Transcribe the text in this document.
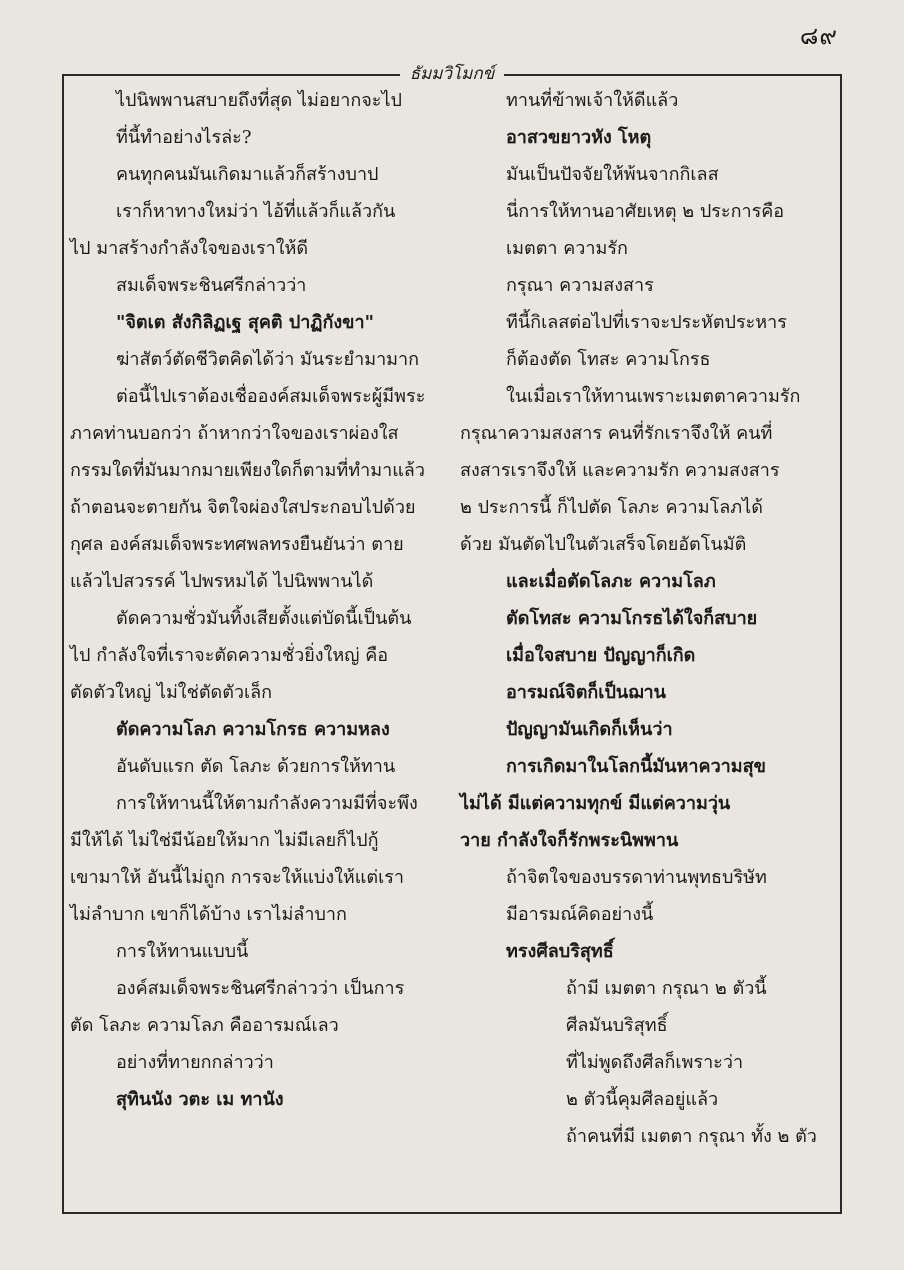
๘๙
ธัมมวิโมกข์

ไปนิพพานสบายถึงที่สุด ไม่อยากจะไป

ที่นี้ทำอย่างไรล่ะ?

คนทุกคนมันเกิดมาแล้วก็สร้างบาป

เราก็หาทางใหม่ว่า ไอ้ที่แล้วก็แล้วกัน

ไป มาสร้างกำลังใจของเราให้ดี

สมเด็จพระชินศรีกล่าวว่า

"จิตเต สังกิลิฏเฐ สุคติ ปาฏิกังขา"

ฆ่าสัตว์ตัดชีวิตคิดได้ว่า มันระยำมามาก

ต่อนี้ไปเราต้องเชื่อองค์สมเด็จพระผู้มีพระ

ภาคท่านบอกว่า ถ้าหากว่าใจของเราผ่องใส

กรรมใดที่มันมากมายเพียงใดก็ตามที่ทำมาแล้ว

ถ้าตอนจะตายกัน จิตใจผ่องใสประกอบไปด้วย

กุศล องค์สมเด็จพระทศพลทรงยืนยันว่า ตาย

แล้วไปสวรรค์ ไปพรหมได้ ไปนิพพานได้

ตัดความชั่วมันทิ้งเสียตั้งแต่บัดนี้เป็นต้น

ไป กำลังใจที่เราจะตัดความชั่วยิ่งใหญ่ คือ

ตัดตัวใหญ่ ไม่ใช่ตัดตัวเล็ก

ตัดความโลภ ความโกรธ ความหลง

อันดับแรก ตัด โลภะ ด้วยการให้ทาน

การให้ทานนี้ให้ตามกำลังความมีที่จะพึง

มีให้ได้ ไม่ใช่มีน้อยให้มาก ไม่มีเลยก็ไปกู้

เขามาให้ อันนี้ไม่ถูก การจะให้แบ่งให้แต่เรา

ไม่ลำบาก เขาก็ได้บ้าง เราไม่ลำบาก

การให้ทานแบบนี้

องค์สมเด็จพระชินศรีกล่าวว่า เป็นการ

ตัด โลภะ ความโลภ คืออารมณ์เลว

อย่างที่ทายกกล่าวว่า

สุทินนัง วตะ เม ทานัง

ทานที่ข้าพเจ้าให้ดีแล้ว

อาสวขยาวหัง โหตุ

มันเป็นปัจจัยให้พ้นจากกิเลส

นี่การให้ทานอาศัยเหตุ ๒ ประการคือ

เมตตา ความรัก

กรุณา ความสงสาร

ทีนี้กิเลสต่อไปที่เราจะประหัตประหาร

ก็ต้องตัด โทสะ ความโกรธ

ในเมื่อเราให้ทานเพราะเมตตาความรัก

กรุณาความสงสาร คนที่รักเราจึงให้ คนที่

สงสารเราจึงให้ และความรัก ความสงสาร

๒ ประการนี้ ก็ไปตัด โลภะ ความโลภได้

ด้วย มันตัดไปในตัวเสร็จโดยอัตโนมัติ

และเมื่อตัดโลภะ ความโลภ

ตัดโทสะ ความโกรธได้ใจก็สบาย

เมื่อใจสบาย ปัญญาก็เกิด

อารมณ์จิตก็เป็นฌาน

ปัญญามันเกิดก็เห็นว่า

การเกิดมาในโลกนี้มันหาความสุข

ไม่ได้ มีแต่ความทุกข์ มีแต่ความวุ่น

วาย กำลังใจก็รักพระนิพพาน

ถ้าจิตใจของบรรดาท่านพุทธบริษัท

มีอารมณ์คิดอย่างนี้

ทรงศีลบริสุทธิ์

ถ้ามี เมตตา กรุณา ๒ ตัวนี้

ศีลมันบริสุทธิ์

ที่ไม่พูดถึงศีลก็เพราะว่า

๒ ตัวนี้คุมศีลอยู่แล้ว

ถ้าคนที่มี เมตตา กรุณา ทั้ง ๒ ตัว
